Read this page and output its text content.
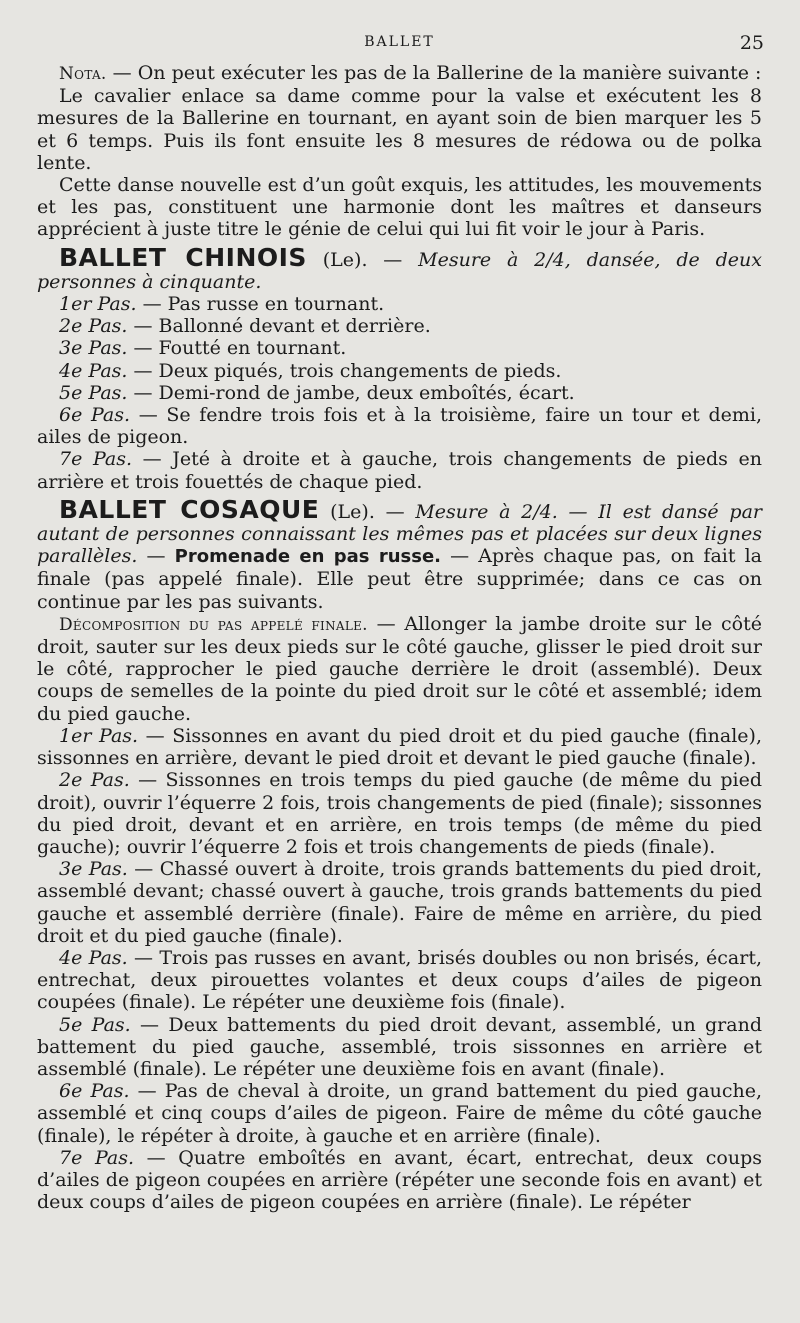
BALLET	25

Nota. — On peut exécuter les pas de la Ballerine de la manière suivante :

Le cavalier enlace sa dame comme pour la valse et exécutent les 8 mesures de la Ballerine en tournant, en ayant soin de bien marquer les 5 et 6 temps. Puis ils font ensuite les 8 mesures de rédowa ou de polka lente.

Cette danse nouvelle est d’un goût exquis, les attitudes, les mouvements et les pas, constituent une harmonie dont les maîtres et danseurs apprécient à juste titre le génie de celui qui lui fit voir le jour à Paris.

BALLET CHINOIS (Le). — Mesure à 2/4, dansée, de deux personnes à cinquante.

1er Pas. — Pas russe en tournant.

2e Pas. — Ballonné devant et derrière.

3e Pas. — Foutté en tournant.

4e Pas. — Deux piqués, trois changements de pieds.

5e Pas. — Demi-rond de jambe, deux emboîtés, écart.

6e Pas. — Se fendre trois fois et à la troisième, faire un tour et demi, ailes de pigeon.

7e Pas. — Jeté à droite et à gauche, trois changements de pieds en arrière et trois fouettés de chaque pied.

BALLET COSAQUE (Le). — Mesure à 2/4. — Il est dansé par autant de personnes connaissant les mêmes pas et placées sur deux lignes parallèles. — Promenade en pas russe. — Après chaque pas, on fait la finale (pas appelé finale). Elle peut être supprimée; dans ce cas on continue par les pas suivants.

Décomposition du pas appelé finale. — Allonger la jambe droite sur le côté droit, sauter sur les deux pieds sur le côté gauche, glisser le pied droit sur le côté, rapprocher le pied gauche derrière le droit (assemblé). Deux coups de semelles de la pointe du pied droit sur le côté et assemblé; idem du pied gauche.

1er Pas. — Sissonnes en avant du pied droit et du pied gauche (finale), sissonnes en arrière, devant le pied droit et devant le pied gauche (finale).

2e Pas. — Sissonnes en trois temps du pied gauche (de même du pied droit), ouvrir l’équerre 2 fois, trois changements de pied (finale); sissonnes du pied droit, devant et en arrière, en trois temps (de même du pied gauche); ouvrir l’équerre 2 fois et trois changements de pieds (finale).

3e Pas. — Chassé ouvert à droite, trois grands battements du pied droit, assemblé devant; chassé ouvert à gauche, trois grands battements du pied gauche et assemblé derrière (finale). Faire de même en arrière, du pied droit et du pied gauche (finale).

4e Pas. — Trois pas russes en avant, brisés doubles ou non brisés, écart, entrechat, deux pirouettes volantes et deux coups d’ailes de pigeon coupées (finale). Le répéter une deuxième fois (finale).

5e Pas. — Deux battements du pied droit devant, assemblé, un grand battement du pied gauche, assemblé, trois sissonnes en arrière et assemblé (finale). Le répéter une deuxième fois en avant (finale).

6e Pas. — Pas de cheval à droite, un grand battement du pied gauche, assemblé et cinq coups d’ailes de pigeon. Faire de même du côté gauche (finale), le répéter à droite, à gauche et en arrière (finale).

7e Pas. — Quatre emboîtés en avant, écart, entrechat, deux coups d’ailes de pigeon coupées en arrière (répéter une seconde fois en avant) et deux coups d’ailes de pigeon coupées en arrière (finale). Le répéter
